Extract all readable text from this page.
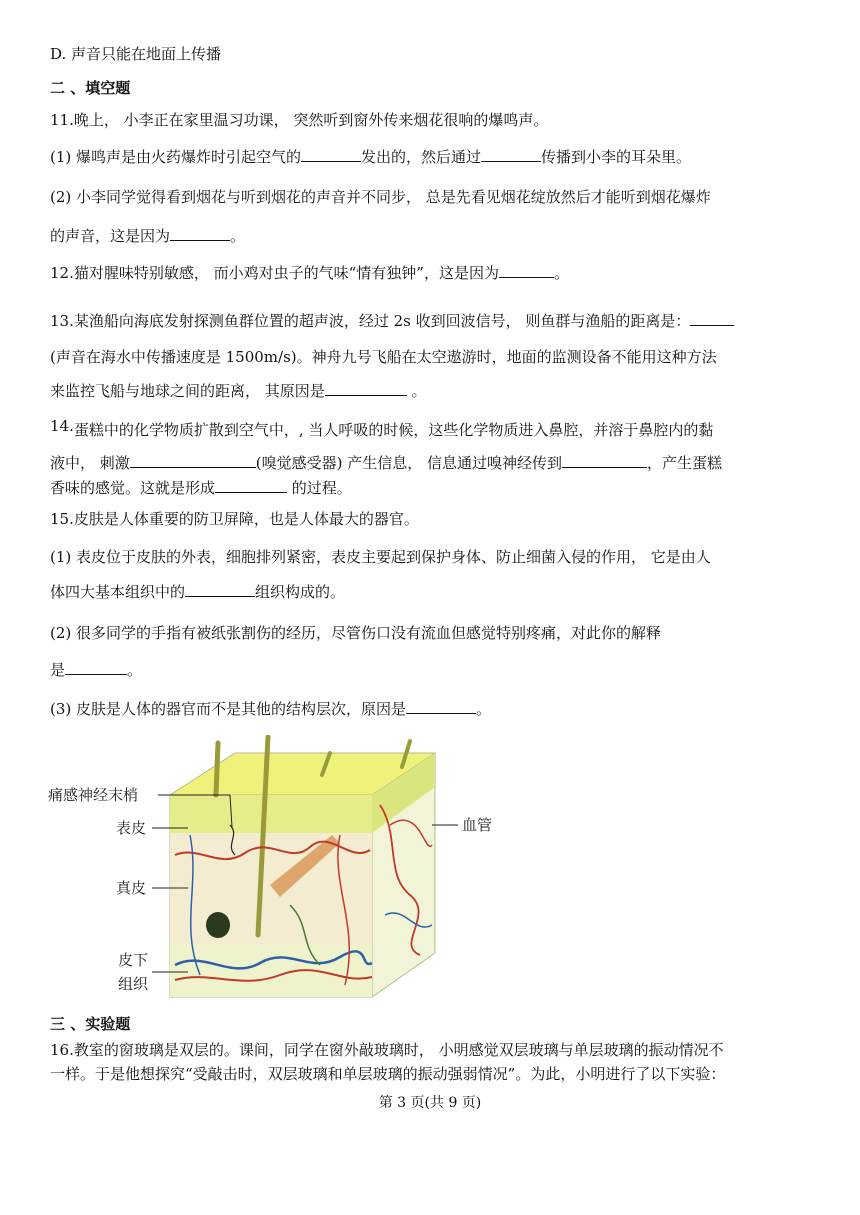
D. 声音只能在地面上传播
二 、填空题
11.晚上， 小李正在家里温习功课， 突然听到窗外传来烟花很响的爆鸣声。
(1) 爆鸣声是由火药爆炸时引起空气的	发出的，然后通过	传播到小李的耳朵里。
(2) 小李同学觉得看到烟花与听到烟花的声音并不同步， 总是先看见烟花绽放然后才能听到烟花爆炸
的声音，这是因为	。
12.猫对腥味特别敏感， 而小鸡对虫子的气味“情有独钟”，这是因为	。
13.某渔船向海底发射探测鱼群位置的超声波，经过 2s 收到回波信号， 则鱼群与渔船的距离是：
(声音在海水中传播速度是 1500m/s)。神舟九号飞船在太空遨游时，地面的监测设备不能用这种方法
来监控飞船与地球之间的距离， 其原因是	。
14.蛋糕中的化学物质扩散到空气中，, 当人呼吸的时候，这些化学物质进入鼻腔，并溶于鼻腔内的黏
液中， 刺激	(嗅觉感受器) 产生信息， 信息通过嗅神经传到	，产生蛋糕
香味的感觉。这就是形成	的过程。
15.皮肤是人体重要的防卫屏障，也是人体最大的器官。
(1) 表皮位于皮肤的外表，细胞排列紧密，表皮主要起到保护身体、防止细菌入侵的作用， 它是由人
体四大基本组织中的	组织构成的。
(2) 很多同学的手指有被纸张割伤的经历，尽管伤口没有流血但感觉特别疼痛，对此你的解释
是	。
(3) 皮肤是人体的器官而不是其他的结构层次，原因是	。
痛感神经末梢
表皮
真皮
皮下
组织
血管
三 、实验题
16.教室的窗玻璃是双层的。课间，同学在窗外敲玻璃时， 小明感觉双层玻璃与单层玻璃的振动情况不
一样。于是他想探究“受敲击时，双层玻璃和单层玻璃的振动强弱情况”。为此，小明进行了以下实验：
第 3 页(共 9 页)
